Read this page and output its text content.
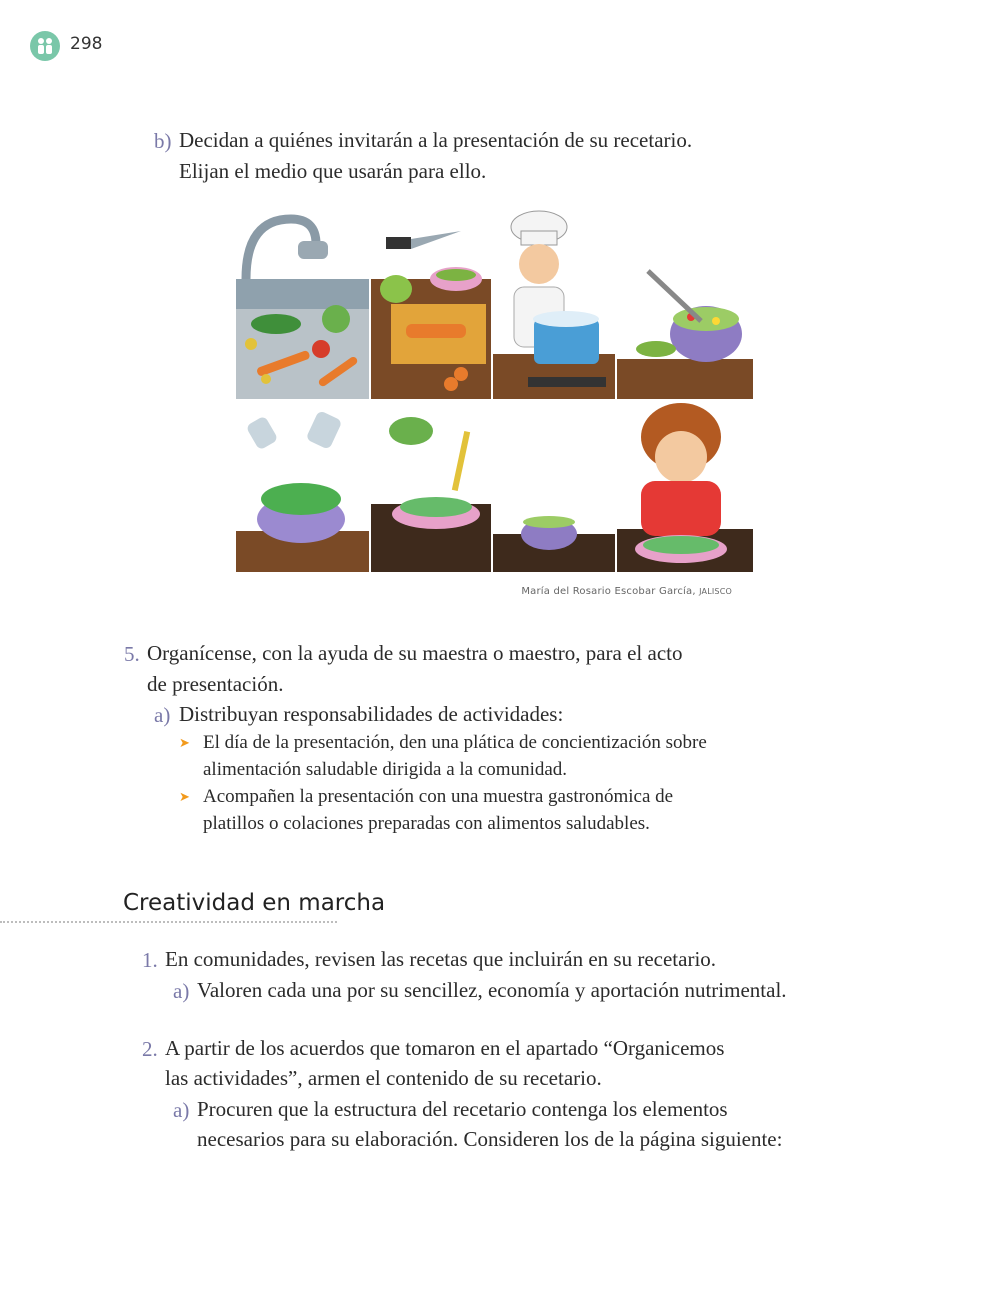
298
b) Decidan a quiénes invitarán a la presentación de su recetario.
Elijan el medio que usarán para ello.
María del Rosario Escobar García, JALISCO
5. Organícense, con la ayuda de su maestra o maestro, para el acto
de presentación.
a) Distribuyan responsabilidades de actividades:
➤ El día de la presentación, den una plática de concientización sobre
alimentación saludable dirigida a la comunidad.
➤ Acompañen la presentación con una muestra gastronómica de
platillos o colaciones preparadas con alimentos saludables.
Creatividad en marcha
1. En comunidades, revisen las recetas que incluirán en su recetario.
a) Valoren cada una por su sencillez, economía y aportación nutrimental.
2. A partir de los acuerdos que tomaron en el apartado “Organicemos
las actividades”, armen el contenido de su recetario.
a) Procuren que la estructura del recetario contenga los elementos
necesarios para su elaboración. Consideren los de la página siguiente:
